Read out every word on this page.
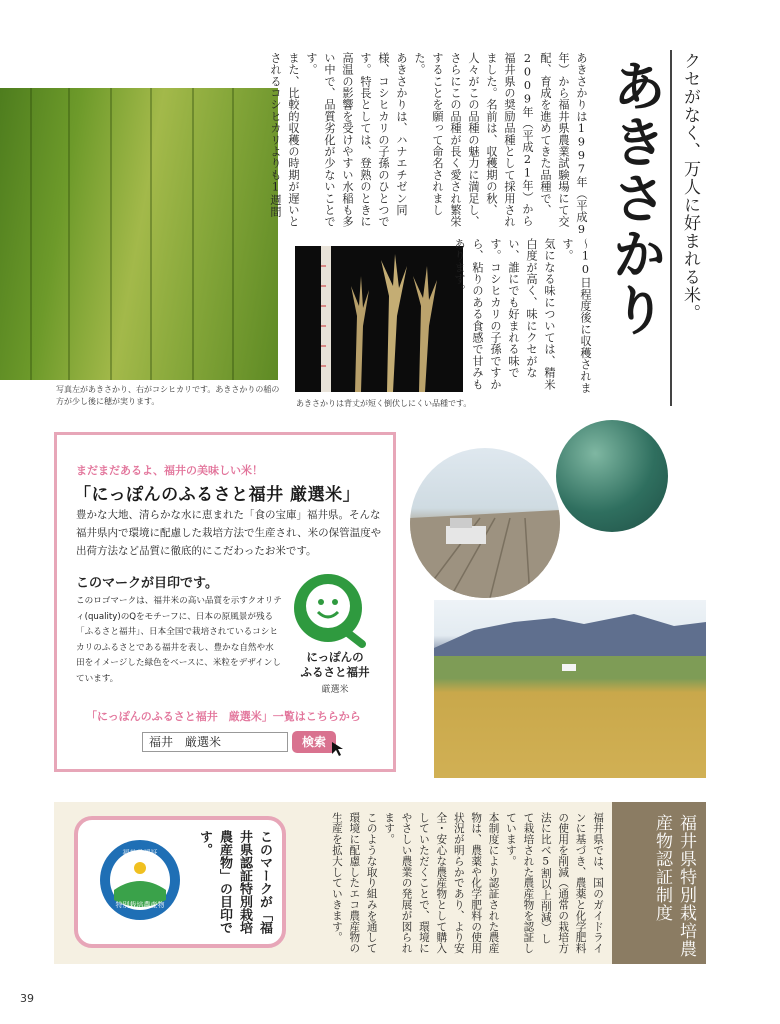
写真左があきさかり、右がコシヒカリです。あきさかりの稲の方が少し後に穂が実ります。
あきさかりは1997年（平成9年）から福井県農業試験場にて交配、育成を進めてきた品種で、2009年（平成21年）から福井県の奨励品種として採用されました。名前は、収穫期の秋、人々がこの品種の魅力に満足し、さらにこの品種が長く愛され繁栄することを願って命名されました。
あきさかりは、ハナエチゼン同様、コシヒカリの子孫のひとつです。特長としては、登熟のときに高温の影響を受けやすい水稲も多い中で、品質劣化が少ないことです。
また、比較的収穫の時期が遅いとされるコシヒカリよりも1週間
あきさかりは背丈が短く倒伏しにくい品種です。
～10日程度後に収穫されます。
気になる味については、精米白度が高く、味にクセがない、誰にでも好まれる味です。コシヒカリの子孫ですから、粘りのある食感で甘みもあります。	あきさかり クセがなく、万人に好まれる米。
まだまだあるよ、福井の美味しい米！
「にっぽんのふるさと福井 厳選米」
豊かな大地、清らかな水に恵まれた「食の宝庫」福井県。そんな福井県内で環境に配慮した栽培方法で生産され、米の保管温度や出荷方法など品質に徹底的にこだわったお米です。
このマークが目印です。
このロゴマークは、福井米の高い品質を示すクオリティ(quality)のQをモチーフに、日本の原風景が残る「ふるさと福井」、日本全国で栽培されているコシヒカリのふるさとである福井を表し、豊かな自然や水田をイメージした緑色をベースに、米粒をデザインしています。
にっぽんの
ふるさと福井
厳選米
「にっぽんのふるさと福井　厳選米」一覧はこちらから
福井　厳選米	検索
福井県認証
特別栽培農産物	このマークが「福井県認証特別栽培農産物」の目印です。	福井県では、国のガイドラインに基づき、農薬と化学肥料の使用を削減（通常の栽培方法に比べ5割以上削減）して栽培された農産物を認証しています。
本制度により認証された農産物は、農薬や化学肥料の使用状況が明らかであり、より安全・安心な農産物として購入していただくことで、環境にやさしい農業の発展が図られます。
このような取り組みを通して環境に配慮したエコ農産物の生産を拡大していきます。	福井県特別栽培農産物認証制度
39
